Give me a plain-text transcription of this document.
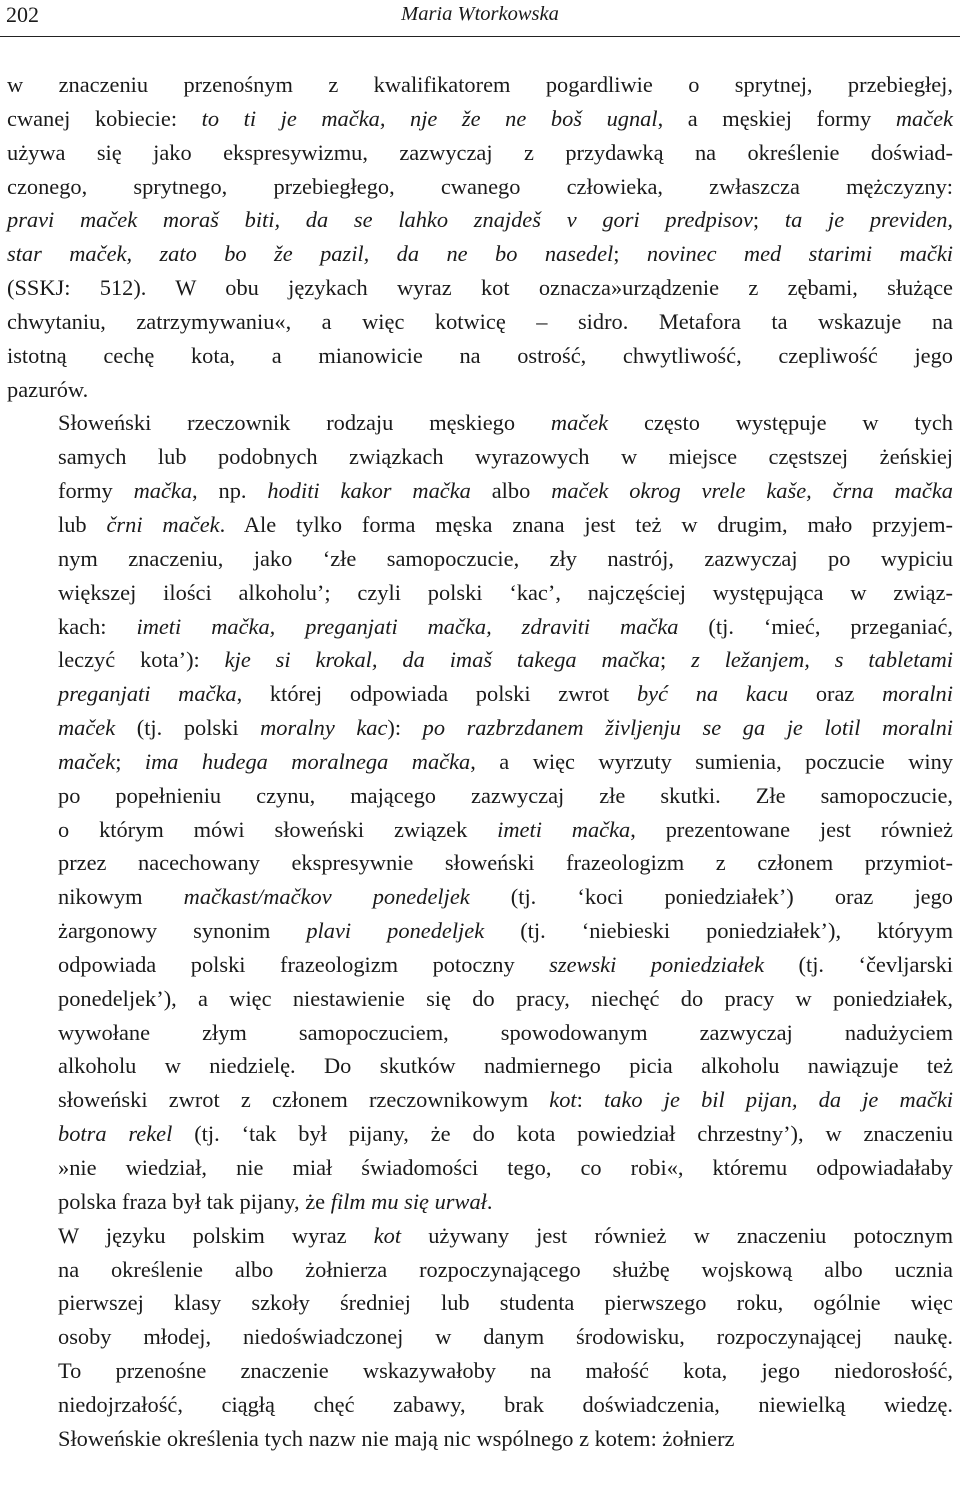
202	Maria Wtorkowska

w znaczeniu przenośnym z kwalifikatorem pogardliwie o sprytnej, przebiegłej,
cwanej kobiecie: to ti je mačka, nje že ne boš ugnal, a męskiej formy maček
używa się jako ekspresywizmu, zazwyczaj z przydawką na określenie doświad-
czonego, sprytnego, przebiegłego, cwanego człowieka, zwłaszcza mężczyzny:
pravi maček moraš biti, da se lahko znajdeš v gori predpisov; ta je previden,
star maček, zato bo že pazil, da ne bo nasedel; novinec med starimi mački
(SSKJ: 512). W obu językach wyraz kot oznacza»urządzenie z zębami, służące
chwytaniu, zatrzymywaniu«, a więc kotwicę – sidro. Metafora ta wskazuje na
istotną cechę kota, a mianowicie na ostrość, chwytliwość, czepliwość jego
pazurów.

Słoweński rzeczownik rodzaju męskiego maček często występuje w tych
samych lub podobnych związkach wyrazowych w miejsce częstszej żeńskiej
formy mačka, np. hoditi kakor mačka albo maček okrog vrele kaše, črna mačka
lub črni maček. Ale tylko forma męska znana jest też w drugim, mało przyjem-
nym znaczeniu, jako ‘złe samopoczucie, zły nastrój, zazwyczaj po wypiciu
większej ilości alkoholu’; czyli polski ‘kac’, najczęściej występująca w związ-
kach: imeti mačka, preganjati mačka, zdraviti mačka (tj. ‘mieć, przeganiać,
leczyć kota’): kje si krokal, da imaš takega mačka; z ležanjem, s tabletami
preganjati mačka, której odpowiada polski zwrot być na kacu oraz moralni
maček (tj. polski moralny kac): po razbrzdanem življenju se ga je lotil moralni
maček; ima hudega moralnega mačka, a więc wyrzuty sumienia, poczucie winy
po popełnieniu czynu, mającego zazwyczaj złe skutki. Złe samopoczucie,
o którym mówi słoweński związek imeti mačka, prezentowane jest również
przez nacechowany ekspresywnie słoweński frazeologizm z członem przymiot-
nikowym mačkast/mačkov ponedeljek (tj. ‘koci poniedziałek’) oraz jego
żargonowy synonim plavi ponedeljek (tj. ‘niebieski poniedziałek’), któryym
odpowiada polski frazeologizm potoczny szewski poniedziałek (tj. ‘čevljarski
ponedeljek’), a więc niestawienie się do pracy, niechęć do pracy w poniedziałek,
wywołane złym samopoczuciem, spowodowanym zazwyczaj nadużyciem
alkoholu w niedzielę. Do skutków nadmiernego picia alkoholu nawiązuje też
słoweński zwrot z członem rzeczownikowym kot: tako je bil pijan, da je mački
botra rekel (tj. ‘tak był pijany, że do kota powiedział chrzestny’), w znaczeniu
»nie wiedział, nie miał świadomości tego, co robi«, któremu odpowiadałaby
polska fraza był tak pijany, że film mu się urwał.

W języku polskim wyraz kot używany jest również w znaczeniu potocznym
na określenie albo żołnierza rozpoczynającego służbę wojskową albo ucznia
pierwszej klasy szkoły średniej lub studenta pierwszego roku, ogólnie więc
osoby młodej, niedoświadczonej w danym środowisku, rozpoczynającej naukę.
To przenośne znaczenie wskazywałoby na małość kota, jego niedorosłość,
niedojrzałość, ciągłą chęć zabawy, brak doświadczenia, niewielką wiedzę.
Słoweńskie określenia tych nazw nie mają nic wspólnego z kotem: żołnierz
